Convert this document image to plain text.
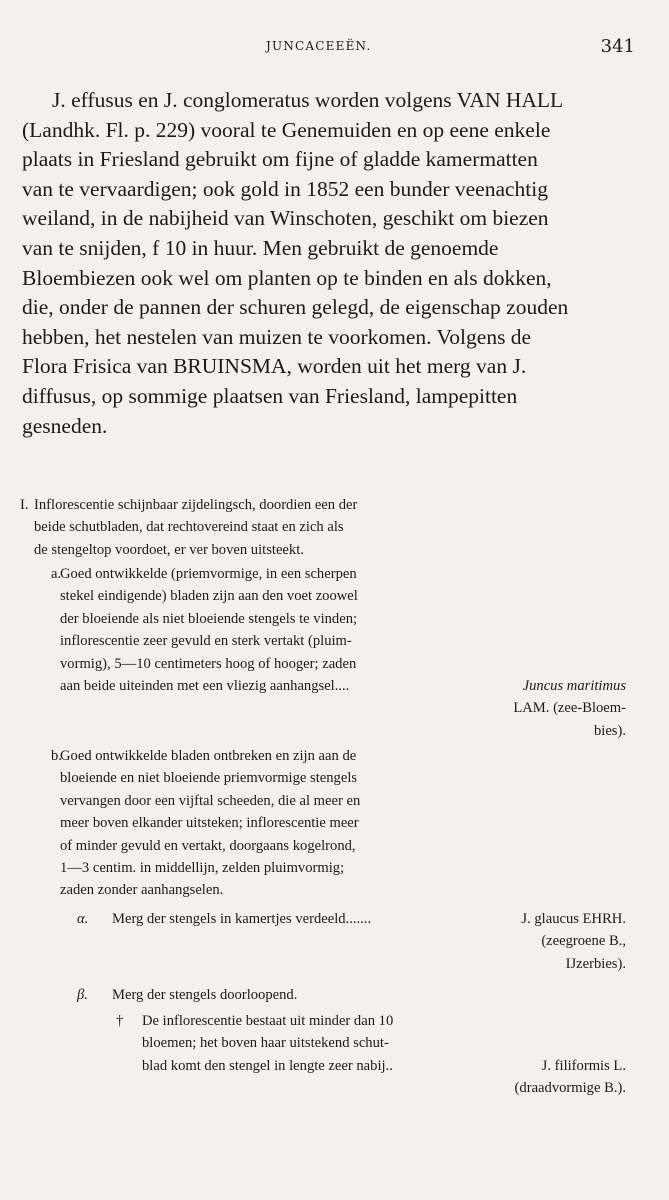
JUNCACEEËN.	341
J. effusus en J. conglomeratus worden volgens VAN HALL
(Landhk. Fl. p. 229) vooral te Genemuiden en op eene enkele
plaats in Friesland gebruikt om fijne of gladde kamermatten
van te vervaardigen; ook gold in 1852 een bunder veenachtig
weiland, in de nabijheid van Winschoten, geschikt om biezen
van te snijden, f 10 in huur. Men gebruikt de genoemde
Bloembiezen ook wel om planten op te binden en als dokken,
die, onder de pannen der schuren gelegd, de eigenschap zouden
hebben, het nestelen van muizen te voorkomen. Volgens de
Flora Frisica van BRUINSMA, worden uit het merg van J.
diffusus, op sommige plaatsen van Friesland, lampepitten
gesneden.
I. Inflorescentie schijnbaar zijdelingsch, doordien een der
beide schutbladen, dat rechtovereind staat en zich als
de stengeltop voordoet, er ver boven uitsteekt.
a.
Goed ontwikkelde (priemvormige, in een scherpen
stekel eindigende) bladen zijn aan den voet zoowel
der bloeiende als niet bloeiende stengels te vinden;
inflorescentie zeer gevuld en sterk vertakt (pluim-
vormig), 5—10 centimeters hoog of hooger; zaden
aan beide uiteinden met een vliezig aanhangsel....	Juncus maritimus
LAM. (zee-Bloem-
bies).
b.
Goed ontwikkelde bladen ontbreken en zijn aan de
bloeiende en niet bloeiende priemvormige stengels
vervangen door een vijftal scheeden, die al meer en
meer boven elkander uitsteken; inflorescentie meer
of minder gevuld en vertakt, doorgaans kogelrond,
1—3 centim. in middellijn, zelden pluimvormig;
zaden zonder aanhangselen.
α.	Merg der stengels in kamertjes verdeeld.......	J. glaucus EHRH.
(zeegroene B.,
IJzerbies).
β.	Merg der stengels doorloopend.
†	De inflorescentie bestaat uit minder dan 10
bloemen; het boven haar uitstekend schut-
blad komt den stengel in lengte zeer nabij..	J. filiformis L.
(draadvormige B.).
